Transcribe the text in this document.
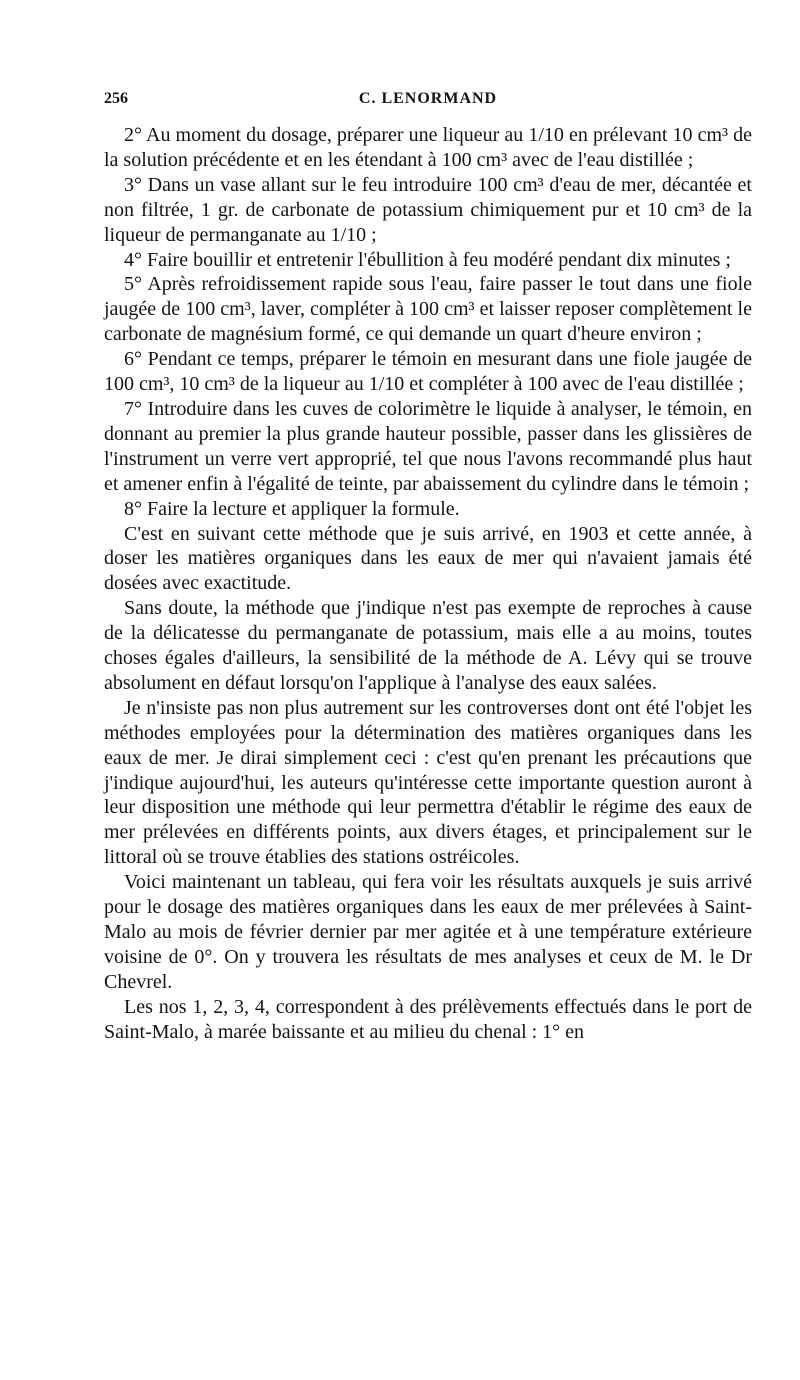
256	C. LENORMAND

2° Au moment du dosage, préparer une liqueur au 1/10 en prélevant 10 cm³ de la solution précédente et en les étendant à 100 cm³ avec de l'eau distillée ;

3° Dans un vase allant sur le feu introduire 100 cm³ d'eau de mer, décantée et non filtrée, 1 gr. de carbonate de potassium chimiquement pur et 10 cm³ de la liqueur de permanganate au 1/10 ;

4° Faire bouillir et entretenir l'ébullition à feu modéré pendant dix minutes ;

5° Après refroidissement rapide sous l'eau, faire passer le tout dans une fiole jaugée de 100 cm³, laver, compléter à 100 cm³ et laisser reposer complètement le carbonate de magnésium formé, ce qui demande un quart d'heure environ ;

6° Pendant ce temps, préparer le témoin en mesurant dans une fiole jaugée de 100 cm³, 10 cm³ de la liqueur au 1/10 et compléter à 100 avec de l'eau distillée ;

7° Introduire dans les cuves de colorimètre le liquide à analyser, le témoin, en donnant au premier la plus grande hauteur possible, passer dans les glissières de l'instrument un verre vert approprié, tel que nous l'avons recommandé plus haut et amener enfin à l'égalité de teinte, par abaissement du cylindre dans le témoin ;

8° Faire la lecture et appliquer la formule.

C'est en suivant cette méthode que je suis arrivé, en 1903 et cette année, à doser les matières organiques dans les eaux de mer qui n'avaient jamais été dosées avec exactitude.

Sans doute, la méthode que j'indique n'est pas exempte de reproches à cause de la délicatesse du permanganate de potassium, mais elle a au moins, toutes choses égales d'ailleurs, la sensibilité de la méthode de A. Lévy qui se trouve absolument en défaut lorsqu'on l'applique à l'analyse des eaux salées.

Je n'insiste pas non plus autrement sur les controverses dont ont été l'objet les méthodes employées pour la détermination des matières organiques dans les eaux de mer. Je dirai simplement ceci : c'est qu'en prenant les précautions que j'indique aujourd'hui, les auteurs qu'intéresse cette importante question auront à leur disposition une méthode qui leur permettra d'établir le régime des eaux de mer prélevées en différents points, aux divers étages, et principalement sur le littoral où se trouve établies des stations ostréicoles.

Voici maintenant un tableau, qui fera voir les résultats auxquels je suis arrivé pour le dosage des matières organiques dans les eaux de mer prélevées à Saint-Malo au mois de février dernier par mer agitée et à une température extérieure voisine de 0°. On y trouvera les résultats de mes analyses et ceux de M. le Dr Chevrel.

Les nos 1, 2, 3, 4, correspondent à des prélèvements effectués dans le port de Saint-Malo, à marée baissante et au milieu du chenal : 1° en
